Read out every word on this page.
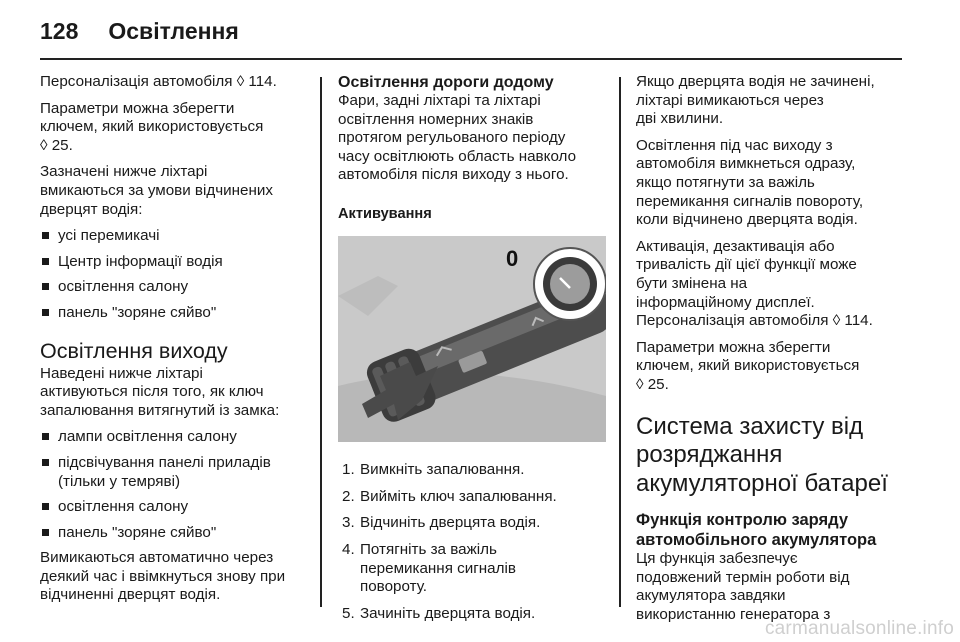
128 Освітлення
Персоналізація автомобіля ◊ 114.
Параметри можна зберегти
ключем, який використовується
◊ 25.
Зазначені нижче ліхтарі
вмикаються за умови відчинених
дверцят водія:
усі перемикачі
Центр інформації водія
освітлення салону
панель "зоряне сяйво"
Освітлення виходу
Наведені нижче ліхтарі
активуються після того, як ключ
запалювання витягнутий із замка:
лампи освітлення салону
підсвічування панелі приладів
(тільки у темряві)
освітлення салону
панель "зоряне сяйво"
Вимикаються автоматично через
деякий час і ввімкнуться знову при
відчиненні дверцят водія.
Освітлення дороги додому
Фари, задні ліхтарі та ліхтарі
освітлення номерних знаків
протягом регульованого періоду
часу освітлюють область навколо
автомобіля після виходу з нього.
Активування
0
1. Вимкніть запалювання.
2. Вийміть ключ запалювання.
3. Відчиніть дверцята водія.
4. Потягніть за важіль
перемикання сигналів
повороту.
5. Зачиніть дверцята водія.
Якщо дверцята водія не зачинені,
ліхтарі вимикаються через
дві хвилини.
Освітлення під час виходу з
автомобіля вимкнеться одразу,
якщо потягнути за важіль
перемикання сигналів повороту,
коли відчинено дверцята водія.
Активація, дезактивація або
тривалість дії цієї функції може
бути змінена на
інформаційному дисплеї.
Персоналізація автомобіля ◊ 114.
Параметри можна зберегти
ключем, який використовується
◊ 25.
Система захисту від
розряджання
акумуляторної батареї
Функція контролю заряду
автомобільного акумулятора
Ця функція забезпечує
подовжений термін роботи від
акумулятора завдяки
використанню генератора з
carmanualsonline.info
